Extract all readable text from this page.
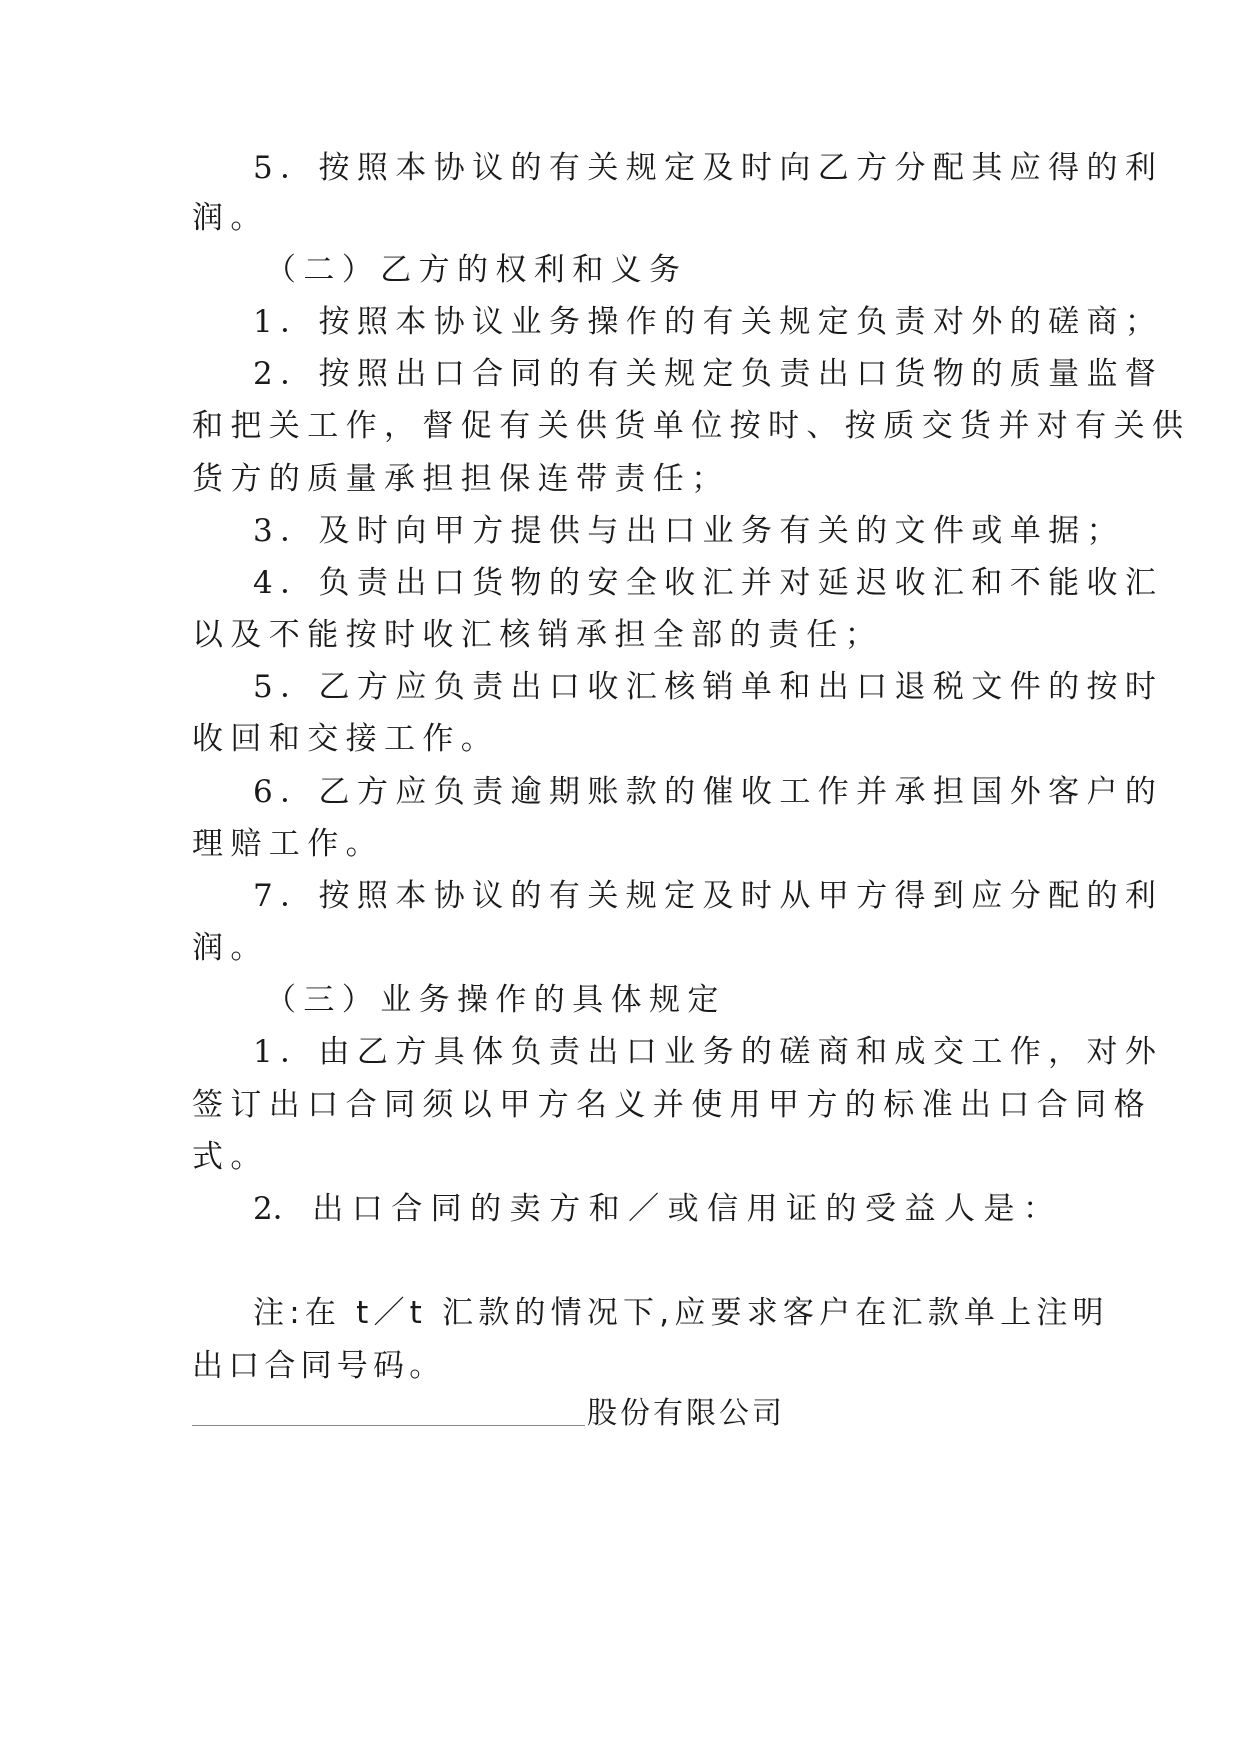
5．按照本协议的有关规定及时向乙方分配其应得的利
润。
（二）乙方的权利和义务
1．按照本协议业务操作的有关规定负责对外的磋商；
2．按照出口合同的有关规定负责出口货物的质量监督
和把关工作，督促有关供货单位按时、按质交货并对有关供
货方的质量承担担保连带责任；
3．及时向甲方提供与出口业务有关的文件或单据；
4．负责出口货物的安全收汇并对延迟收汇和不能收汇
以及不能按时收汇核销承担全部的责任；
5．乙方应负责出口收汇核销单和出口退税文件的按时
收回和交接工作。
6．乙方应负责逾期账款的催收工作并承担国外客户的
理赔工作。
7．按照本协议的有关规定及时从甲方得到应分配的利
润。
（三）业务操作的具体规定
1．由乙方具体负责出口业务的磋商和成交工作，对外
签订出口合同须以甲方名义并使用甲方的标准出口合同格
式。
2． 出 口 合 同 的 卖 方 和 ／ 或 信 用 证 的 受 益 人 是 ：
股份有限公司
注:在 t／t 汇款的情况下,应要求客户在汇款单上注明
出口合同号码。
